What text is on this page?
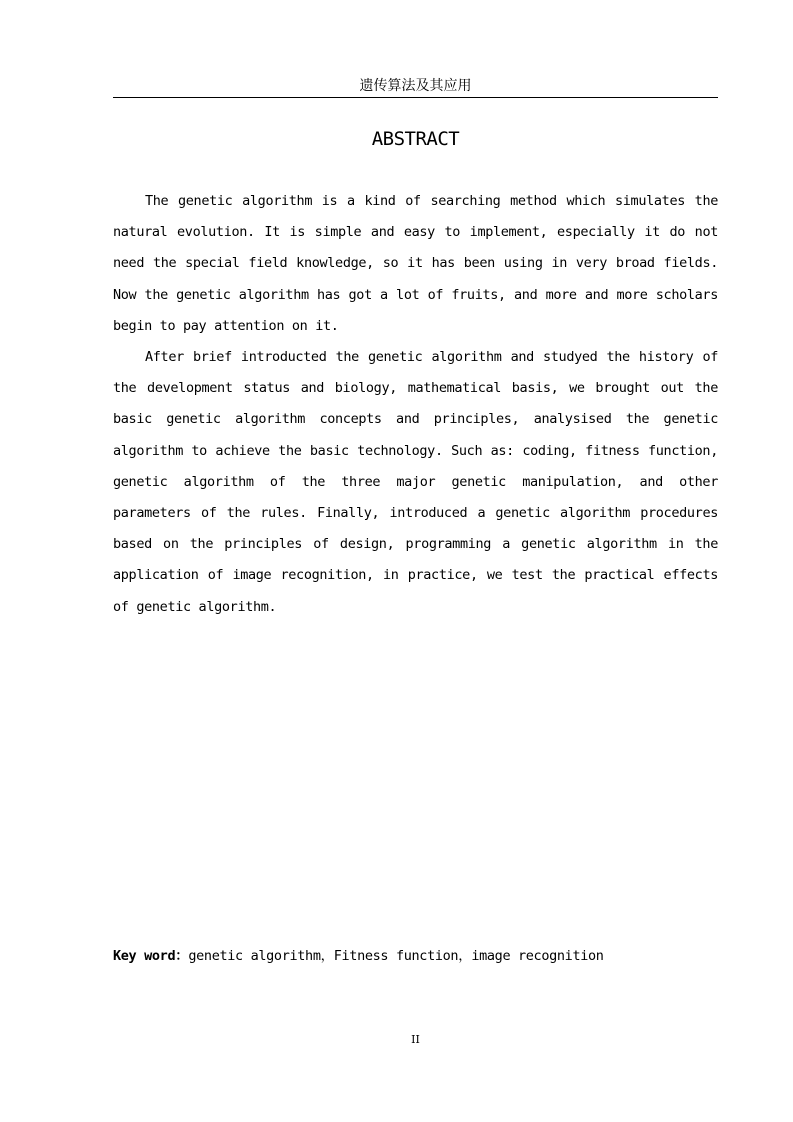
遗传算法及其应用
ABSTRACT

The genetic algorithm is a kind of searching method which simulates the natural evolution. It is simple and easy to implement, especially it do not need the special field knowledge, so it has been using in very broad fields. Now the genetic algorithm has got a lot of fruits, and more and more scholars begin to pay attention on it.

After brief introducted the genetic algorithm and studyed the history of the development status and biology, mathematical basis, we brought out the basic genetic algorithm concepts and principles, analysised the genetic algorithm to achieve the basic technology. Such as: coding, fitness function, genetic algorithm of the three major genetic manipulation, and other parameters of the rules. Finally, introduced a genetic algorithm procedures based on the principles of design, programming a genetic algorithm in the application of image recognition, in practice, we test the practical effects of genetic algorithm.

Key word：genetic algorithm，Fitness function，image recognition
II
